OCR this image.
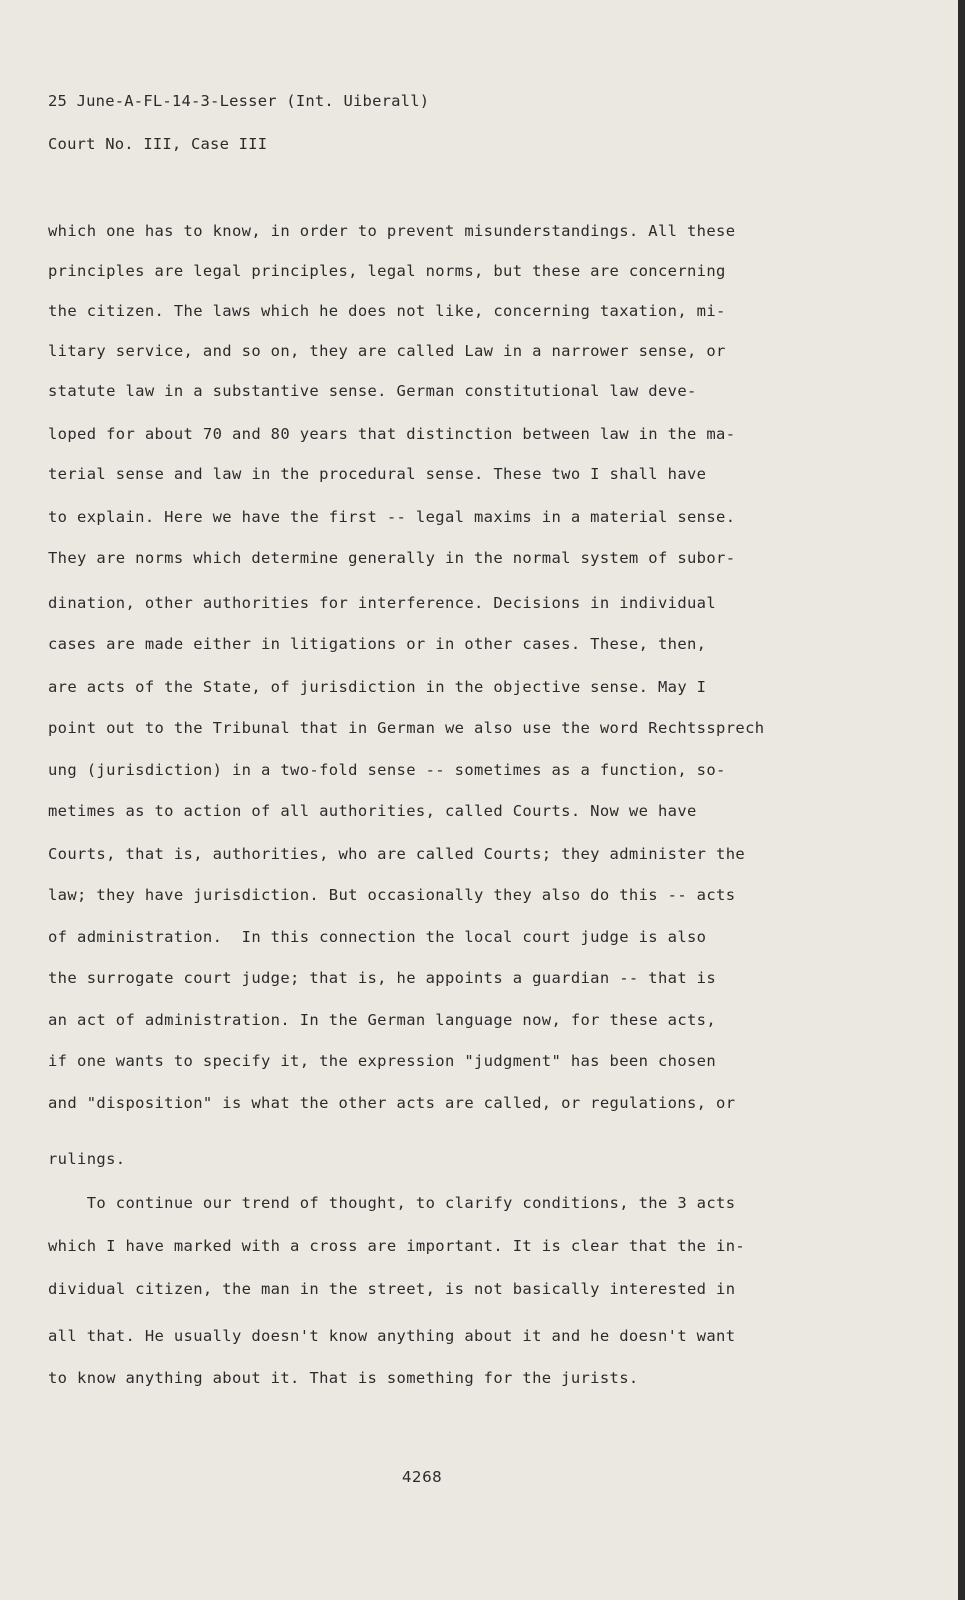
25 June-A-FL-14-3-Lesser (Int. Uiberall)
Court No. III, Case III
which one has to know, in order to prevent misunderstandings. All these
principles are legal principles, legal norms, but these are concerning
the citizen. The laws which he does not like, concerning taxation, mi-
litary service, and so on, they are called Law in a narrower sense, or
statute law in a substantive sense. German constitutional law deve-
loped for about 70 and 80 years that distinction between law in the ma-
terial sense and law in the procedural sense. These two I shall have
to explain. Here we have the first -- legal maxims in a material sense.
They are norms which determine generally in the normal system of subor-
dination, other authorities for interference. Decisions in individual
cases are made either in litigations or in other cases. These, then,
are acts of the State, of jurisdiction in the objective sense. May I
point out to the Tribunal that in German we also use the word Rechtssprech
ung (jurisdiction) in a two-fold sense -- sometimes as a function, so-
metimes as to action of all authorities, called Courts. Now we have
Courts, that is, authorities, who are called Courts; they administer the
law; they have jurisdiction. But occasionally they also do this -- acts
of administration.  In this connection the local court judge is also
the surrogate court judge; that is, he appoints a guardian -- that is
an act of administration. In the German language now, for these acts,
if one wants to specify it, the expression "judgment" has been chosen
and "disposition" is what the other acts are called, or regulations, or
rulings.
To continue our trend of thought, to clarify conditions, the 3 acts
which I have marked with a cross are important. It is clear that the in-
dividual citizen, the man in the street, is not basically interested in
all that. He usually doesn't know anything about it and he doesn't want
to know anything about it. That is something for the jurists.
4268
